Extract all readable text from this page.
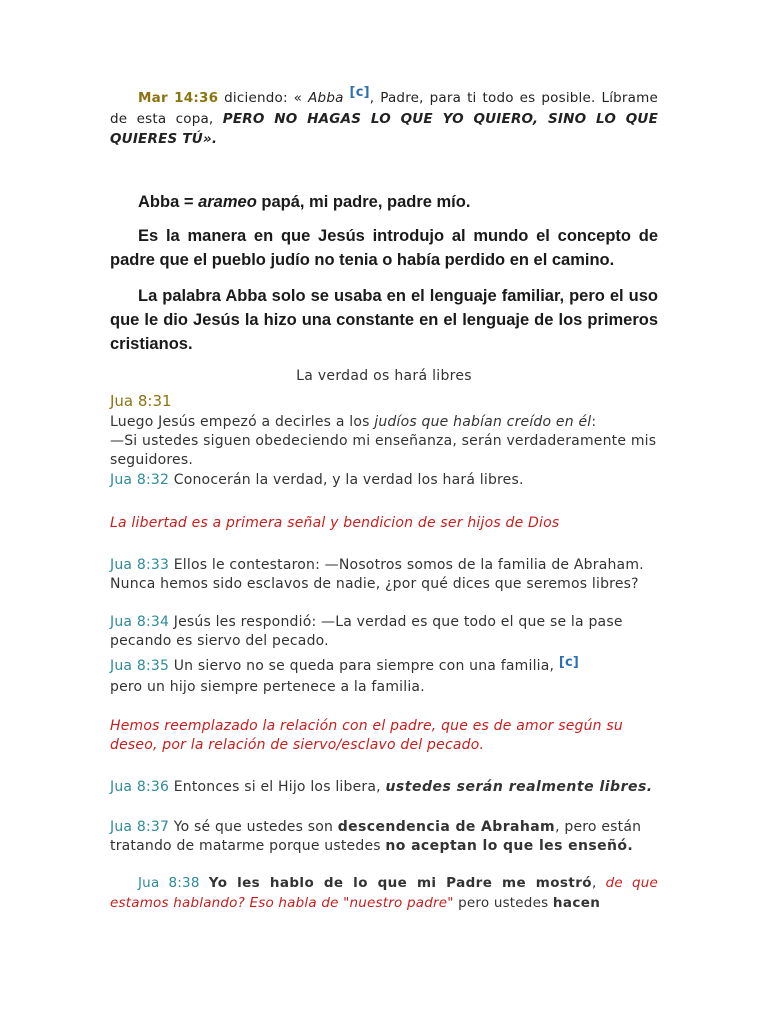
Mar 14:36 diciendo: « Abba [c], Padre, para ti todo es posible. Líbrame de esta copa, PERO NO HAGAS LO QUE YO QUIERO, SINO LO QUE QUIERES TÚ».

Abba = arameo papá, mi padre, padre mío.

Es la manera en que Jesús introdujo al mundo el concepto de padre que el pueblo judío no tenia o había perdido en el camino.

La palabra Abba solo se usaba en el lenguaje familiar, pero el uso que le dio Jesús la hizo una constante en el lenguaje de los primeros cristianos.

La verdad os hará libres
Jua 8:31
Luego Jesús empezó a decirles a los judíos que habían creído en él:
—Si ustedes siguen obedeciendo mi enseñanza, serán verdaderamente mis seguidores.
Jua 8:32 Conocerán la verdad, y la verdad los hará libres.
La libertad es a primera señal y bendicion de ser hijos de Dios
Jua 8:33 Ellos le contestaron: —Nosotros somos de la familia de Abraham. Nunca hemos sido esclavos de nadie, ¿por qué dices que seremos libres?
Jua 8:34 Jesús les respondió: —La verdad es que todo el que se la pase pecando es siervo del pecado.
Jua 8:35 Un siervo no se queda para siempre con una familia, [c]
pero un hijo siempre pertenece a la familia.
Hemos reemplazado la relación con el padre, que es de amor según su deseo, por la relación de siervo/esclavo del pecado.
Jua 8:36 Entonces si el Hijo los libera, ustedes serán realmente libres.
Jua 8:37 Yo sé que ustedes son descendencia de Abraham, pero están tratando de matarme porque ustedes no aceptan lo que les enseñó.
Jua 8:38 Yo les hablo de lo que mi Padre me mostró, de que estamos hablando? Eso habla de "nuestro padre" pero ustedes hacen
